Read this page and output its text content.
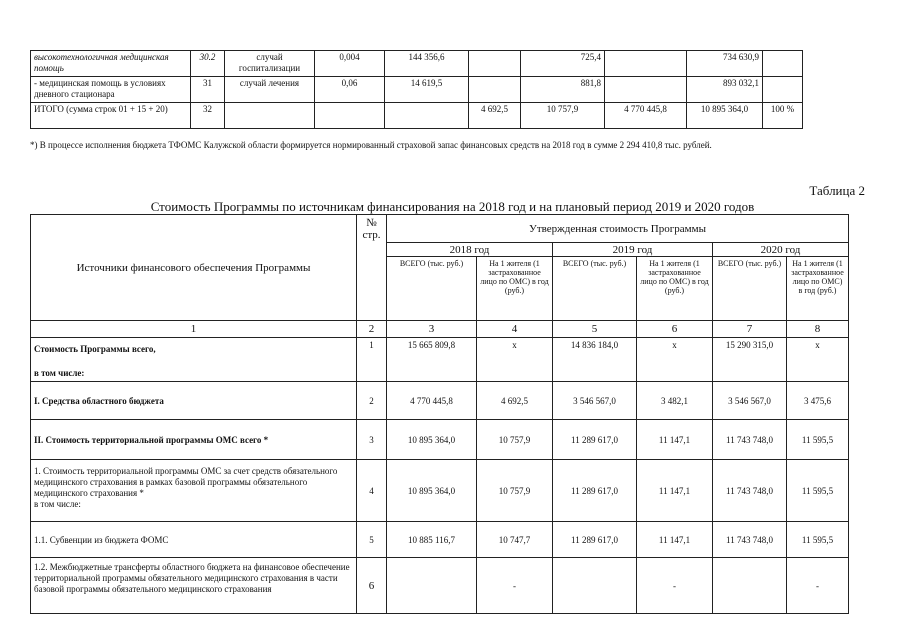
высокотехнологичная медицинская помощь	30.2	случай госпитализации	0,004	144 356,6		725,4		734 630,9	
- медицинская помощь в условиях дневного стационара	31	случай лечения	0,06	14 619,5		881,8		893 032,1	
ИТОГО (сумма строк 01 + 15 + 20)	32				4 692,5	10 757,9	4 770 445,8	10 895 364,0	100 %
*) В процессе исполнения бюджета ТФОМС Калужской области формируется нормированный страховой запас финансовых средств на 2018 год в сумме 2 294 410,8 тыс. рублей.
Таблица 2
Стоимость Программы по источникам финансирования на 2018 год и на плановый период 2019 и 2020 годов
Источники финансового обеспечения Программы	№ стр.	Утвержденная стоимость Программы					
		2018 год		2019 год		2020 год	
		ВСЕГО (тыс. руб.)	На 1 жителя (1 застрахованное лицо по ОМС) в год (руб.)	ВСЕГО (тыс. руб.)	На 1 жителя (1 застрахованное лицо по ОМС) в год (руб.)	ВСЕГО (тыс. руб.)	На 1 жителя (1 застрахованное лицо по ОМС) в год (руб.)
1	2	3	4	5	6	7	8

Стоимость Программы всего,
в том числе:	1	15 665 809,8	х	14 836 184,0	х	15 290 315,0	х
I. Средства областного бюджета	2	4 770 445,8	4 692,5	3 546 567,0	3 482,1	3 546 567,0	3 475,6
II. Стоимость территориальной программы ОМС всего *	3	10 895 364,0	10 757,9	11 289 617,0	11 147,1	11 743 748,0	11 595,5

1. Стоимость территориальной программы ОМС за счет средств обязательного медицинского страхования в рамках базовой программы обязательного медицинского страхования *
в том числе:	4	10 895 364,0	10 757,9	11 289 617,0	11 147,1	11 743 748,0	11 595,5
1.1. Субвенции из бюджета ФОМС	5	10 885 116,7	10 747,7	11 289 617,0	11 147,1	11 743 748,0	11 595,5
1.2. Межбюджетные трансферты областного бюджета на финансовое обеспечение территориальной программы обязательного медицинского страхования в части базовой программы обязательного медицинского страхования	6		-		-		-
